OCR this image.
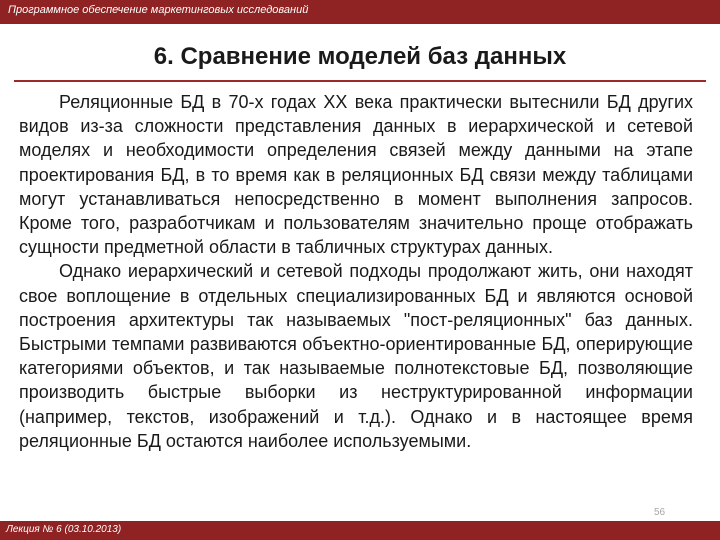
Программное обеспечение маркетинговых исследований
6. Сравнение моделей баз данных

Реляционные БД в 70-х годах XX века практически вытеснили БД других видов из-за сложности представления данных в иерархической и сетевой моделях и необходимости определения связей между данными на этапе проектирования БД, в то время как в реляционных БД связи между таблицами могут устанавливаться непосредственно в момент выполнения запросов. Кроме того, разработчикам и пользователям значительно проще отображать сущности предметной области в табличных структурах данных.

Однако иерархический и сетевой подходы продолжают жить, они находят свое воплощение в отдельных специализированных БД и являются основой построения архитектуры так называемых "пост-реляционных" баз данных. Быстрыми темпами развиваются объектно-ориентированные БД, оперирующие категориями объектов, и так называемые полнотекстовые БД, позволяющие производить быстрые выборки из неструктурированной информации (например, текстов, изображений и т.д.). Однако и в настоящее время реляционные БД остаются наиболее используемыми.

56
Лекция № 6 (03.10.2013)
